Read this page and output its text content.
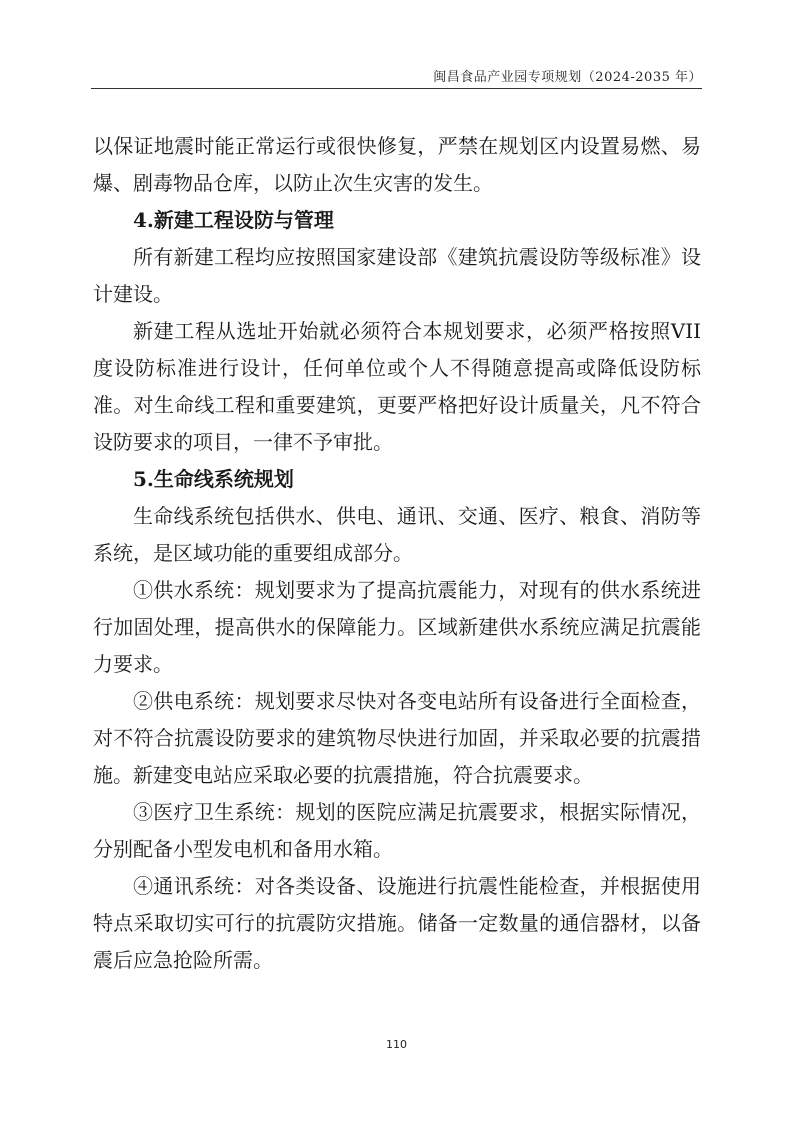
闽昌食品产业园专项规划（2024-2035 年）

以保证地震时能正常运行或很快修复，严禁在规划区内设置易燃、易爆、剧毒物品仓库，以防止次生灾害的发生。

4.新建工程设防与管理

所有新建工程均应按照国家建设部《建筑抗震设防等级标准》设计建设。

新建工程从选址开始就必须符合本规划要求，必须严格按照VII度设防标准进行设计，任何单位或个人不得随意提高或降低设防标准。对生命线工程和重要建筑，更要严格把好设计质量关，凡不符合设防要求的项目，一律不予审批。

5.生命线系统规划

生命线系统包括供水、供电、通讯、交通、医疗、粮食、消防等系统，是区域功能的重要组成部分。

①供水系统：规划要求为了提高抗震能力，对现有的供水系统进行加固处理，提高供水的保障能力。区域新建供水系统应满足抗震能力要求。

②供电系统：规划要求尽快对各变电站所有设备进行全面检查，对不符合抗震设防要求的建筑物尽快进行加固，并采取必要的抗震措施。新建变电站应采取必要的抗震措施，符合抗震要求。

③医疗卫生系统：规划的医院应满足抗震要求，根据实际情况，分别配备小型发电机和备用水箱。

④通讯系统：对各类设备、设施进行抗震性能检查，并根据使用特点采取切实可行的抗震防灾措施。储备一定数量的通信器材，以备震后应急抢险所需。

110
